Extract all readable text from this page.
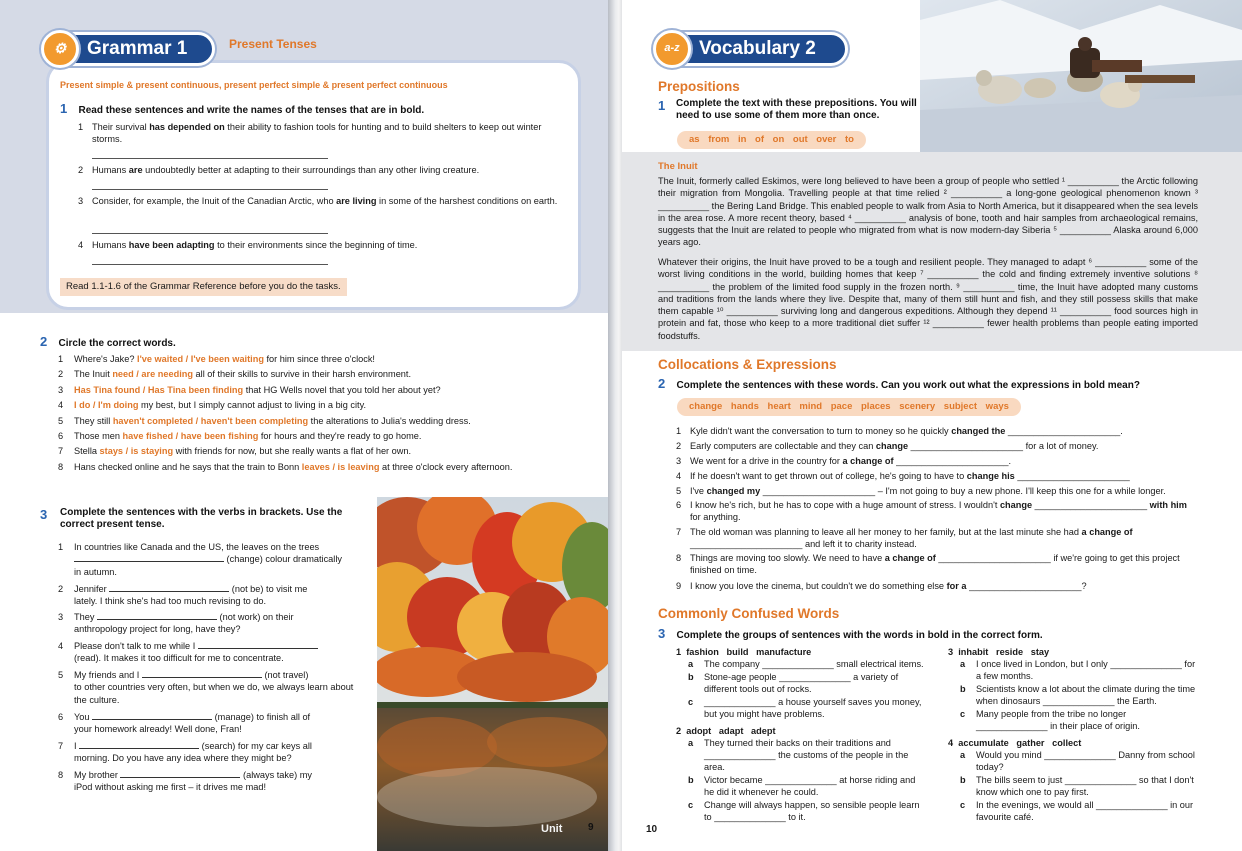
⚙	Grammar 1	Present Tenses
Present simple & present continuous, present perfect simple & present perfect continuous
1 Read these sentences and write the names of the tenses that are in bold.
1 Their survival has depended on their ability to fashion tools for hunting and to build shelters to keep out winter storms.
2 Humans are undoubtedly better at adapting to their surroundings than any other living creature.
3 Consider, for example, the Inuit of the Canadian Arctic, who are living in some of the harshest conditions on earth.
4 Humans have been adapting to their environments since the beginning of time.
Read 1.1-1.6 of the Grammar Reference before you do the tasks.
2 Circle the correct words.
1 Where's Jake? I've waited / I've been waiting for him since three o'clock!
2 The Inuit need / are needing all of their skills to survive in their harsh environment.
3 Has Tina found / Has Tina been finding that HG Wells novel that you told her about yet?
4 I do / I'm doing my best, but I simply cannot adjust to living in a big city.
5 They still haven't completed / haven't been completing the alterations to Julia's wedding dress.
6 Those men have fished / have been fishing for hours and they're ready to go home.
7 Stella stays / is staying with friends for now, but she really wants a flat of her own.
8 Hans checked online and he says that the train to Bonn leaves / is leaving at three o'clock every afternoon.
3	Complete the sentences with the verbs in brackets. Use the correct present tense.
1 In countries like Canada and the US, the leaves on the trees
(change) colour dramatically
in autumn.
2 Jennifer	(not be) to visit me
lately. I think she's had too much revising to do.
3 They	(not work) on their
anthropology project for long, have they?
4 Please don't talk to me while I
(read). It makes it too difficult for me to concentrate.
5 My friends and I	(not travel)
to other countries very often, but when we do, we always learn about the culture.
6 You	(manage) to finish all of
your homework already! Well done, Fran!
7 I	(search) for my car keys all
morning. Do you have any idea where they might be?
8 My brother	(always take) my
iPod without asking me first – it drives me mad!
Unit	9
a-z	Vocabulary 2
Prepositions
1	Complete the text with these prepositions. You will need to use some of them more than once.
as from in of on out over to
The Inuit
The Inuit, formerly called Eskimos, were long believed to have been a group of people who settled ¹ __________ the Arctic following their migration from Mongolia. Travelling people at that time relied ² __________ a long-gone geological phenomenon known ³ __________ the Bering Land Bridge. This enabled people to walk from Asia to North America, but it disappeared when the sea levels in the area rose. A more recent theory, based ⁴ __________ analysis of bone, tooth and hair samples from archaeological remains, suggests that the Inuit are related to people who migrated from what is now modern-day Siberia ⁵ __________ Alaska around 6,000 years ago.
Whatever their origins, the Inuit have proved to be a tough and resilient people. They managed to adapt ⁶ __________ some of the worst living conditions in the world, building homes that keep ⁷ __________ the cold and finding extremely inventive solutions ⁸ __________ the problem of the limited food supply in the frozen north. ⁹ __________ time, the Inuit have adopted many customs and traditions from the lands where they live. Despite that, many of them still hunt and fish, and they still possess skills that make them capable ¹⁰ __________ surviving long and dangerous expeditions. Although they depend ¹¹ __________ food sources high in protein and fat, those who keep to a more traditional diet suffer ¹² __________ fewer health problems than people eating imported foodstuffs.
Collocations & Expressions
2 Complete the sentences with these words. Can you work out what the expressions in bold mean?
change hands heart mind pace places scenery subject ways
1 Kyle didn't want the conversation to turn to money so he quickly changed the ______________________.
2 Early computers are collectable and they can change ______________________ for a lot of money.
3 We went for a drive in the country for a change of ______________________.
4 If he doesn't want to get thrown out of college, he's going to have to change his ______________________
5 I've changed my ______________________ – I'm not going to buy a new phone. I'll keep this one for a while longer.
6 I know he's rich, but he has to cope with a huge amount of stress. I wouldn't change ______________________ with him for anything.
7 The old woman was planning to leave all her money to her family, but at the last minute she had a change of ______________________ and left it to charity instead.
8 Things are moving too slowly. We need to have a change of ______________________ if we're going to get this project finished on time.
9 I know you love the cinema, but couldn't we do something else for a ______________________?
Commonly Confused Words
3 Complete the groups of sentences with the words in bold in the correct form.
1  fashion   build   manufacture
a The company ______________ small electrical items.
b Stone-age people ______________ a variety of different tools out of rocks.
c ______________ a house yourself saves you money, but you might have problems.
2  adopt   adapt   adept
a They turned their backs on their traditions and ______________ the customs of the people in the area.
b Victor became ______________ at horse riding and he did it whenever he could.
c Change will always happen, so sensible people learn to ______________ to it.
3  inhabit   reside   stay
a I once lived in London, but I only ______________ for a few months.
b Scientists know a lot about the climate during the time when dinosaurs ______________ the Earth.
c Many people from the tribe no longer ______________ in their place of origin.
4  accumulate   gather   collect
a Would you mind ______________ Danny from school today?
b The bills seem to just ______________ so that I don't know which one to pay first.
c In the evenings, we would all ______________ in our favourite café.
10
